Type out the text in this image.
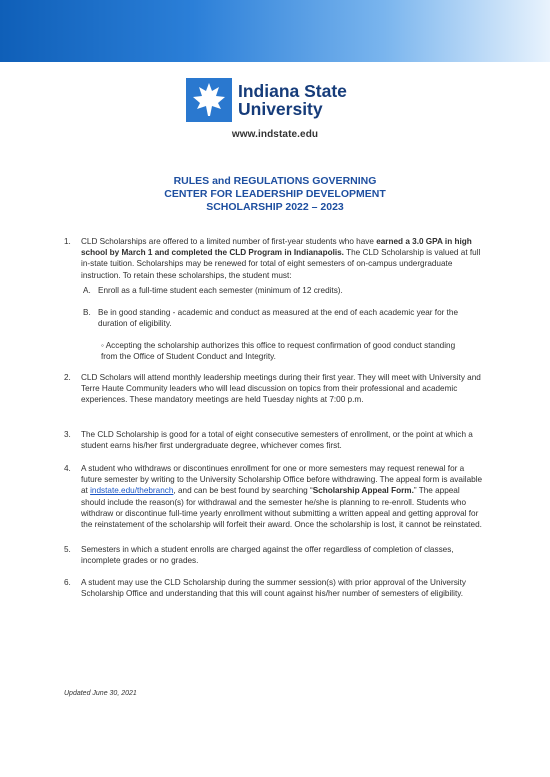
Indiana State
University
www.indstate.edu
RULES and REGULATIONS GOVERNING
CENTER FOR LEADERSHIP DEVELOPMENT
SCHOLARSHIP 2022 – 2023
1. CLD Scholarships are offered to a limited number of first-year students who have earned a 3.0 GPA in high school by March 1 and completed the CLD Program in Indianapolis. The CLD Scholarship is valued at full in-state tuition. Scholarships may be renewed for total of eight semesters of on-campus undergraduate instruction. To retain these scholarships, the student must:
A. Enroll as a full-time student each semester (minimum of 12 credits).
B. Be in good standing - academic and conduct as measured at the end of each academic year for the duration of eligibility.
◦ Accepting the scholarship authorizes this office to request confirmation of good conduct standing from the Office of Student Conduct and Integrity.
2. CLD Scholars will attend monthly leadership meetings during their first year. They will meet with University and Terre Haute Community leaders who will lead discussion on topics from their professional and academic experiences. These mandatory meetings are held Tuesday nights at 7:00 p.m.
3. The CLD Scholarship is good for a total of eight consecutive semesters of enrollment, or the point at which a student earns his/her first undergraduate degree, whichever comes first.
4. A student who withdraws or discontinues enrollment for one or more semesters may request renewal for a future semester by writing to the University Scholarship Office before withdrawing. The appeal form is available at indstate.edu/thebranch, and can be best found by searching “Scholarship Appeal Form.” The appeal should include the reason(s) for withdrawal and the semester he/she is planning to re-enroll. Students who withdraw or discontinue full-time yearly enrollment without submitting a written appeal and getting approval for the reinstatement of the scholarship will forfeit their award. Once the scholarship is lost, it cannot be reinstated.
5. Semesters in which a student enrolls are charged against the offer regardless of completion of classes, incomplete grades or no grades.
6. A student may use the CLD Scholarship during the summer session(s) with prior approval of the University Scholarship Office and understanding that this will count against his/her number of semesters of eligibility.
Updated June 30, 2021
